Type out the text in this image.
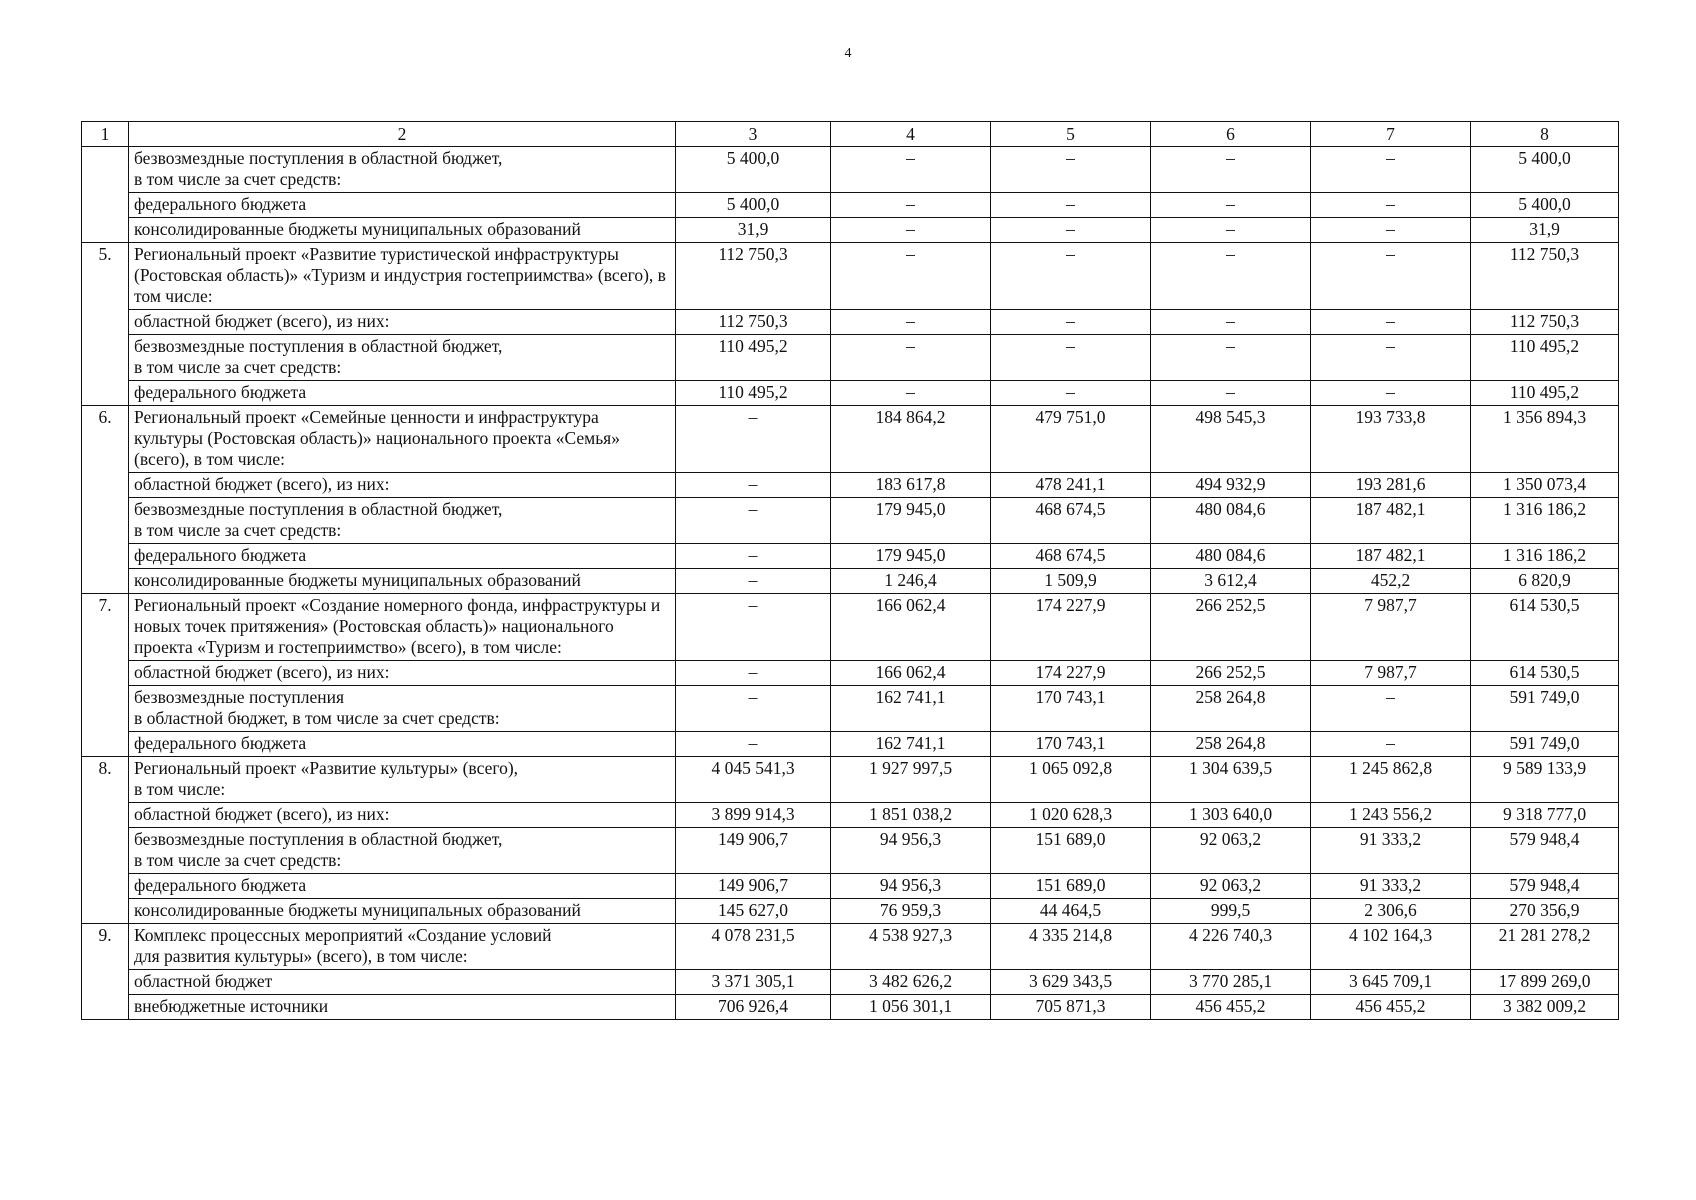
4
1	2	3	4	5	6	7	8
	безвозмездные поступления в областной бюджет,
в том числе за счет средств:	5 400,0	–	–	–	–	5 400,0
	федерального бюджета	5 400,0	–	–	–	–	5 400,0
	консолидированные бюджеты муниципальных образований	31,9	–	–	–	–	31,9
5.	Региональный проект «Развитие туристической инфраструктуры (Ростовская область)» «Туризм и индустрия гостеприимства» (всего), в том числе:	112 750,3	–	–	–	–	112 750,3
	областной бюджет (всего), из них:	112 750,3	–	–	–	–	112 750,3
	безвозмездные поступления в областной бюджет,
в том числе за счет средств:	110 495,2	–	–	–	–	110 495,2
	федерального бюджета	110 495,2	–	–	–	–	110 495,2
6.	Региональный проект «Семейные ценности и инфраструктура культуры (Ростовская область)» национального проекта «Семья» (всего), в том числе:	–	184 864,2	479 751,0	498 545,3	193 733,8	1 356 894,3
	областной бюджет (всего), из них:	–	183 617,8	478 241,1	494 932,9	193 281,6	1 350 073,4
	безвозмездные поступления в областной бюджет,
в том числе за счет средств:	–	179 945,0	468 674,5	480 084,6	187 482,1	1 316 186,2
	федерального бюджета	–	179 945,0	468 674,5	480 084,6	187 482,1	1 316 186,2
	консолидированные бюджеты муниципальных образований	–	1 246,4	1 509,9	3 612,4	452,2	6 820,9
7.	Региональный проект «Создание номерного фонда, инфраструктуры и новых точек притяжения» (Ростовская область)» национального проекта «Туризм и гостеприимство» (всего), в том числе:	–	166 062,4	174 227,9	266 252,5	7 987,7	614 530,5
	областной бюджет (всего), из них:	–	166 062,4	174 227,9	266 252,5	7 987,7	614 530,5
	безвозмездные поступления
в областной бюджет, в том числе за счет средств:	–	162 741,1	170 743,1	258 264,8	–	591 749,0
	федерального бюджета	–	162 741,1	170 743,1	258 264,8	–	591 749,0
8.	Региональный проект «Развитие культуры» (всего),
в том числе:	4 045 541,3	1 927 997,5	1 065 092,8	1 304 639,5	1 245 862,8	9 589 133,9
	областной бюджет (всего), из них:	3 899 914,3	1 851 038,2	1 020 628,3	1 303 640,0	1 243 556,2	9 318 777,0
	безвозмездные поступления в областной бюджет,
в том числе за счет средств:	149 906,7	94 956,3	151 689,0	92 063,2	91 333,2	579 948,4
	федерального бюджета	149 906,7	94 956,3	151 689,0	92 063,2	91 333,2	579 948,4
	консолидированные бюджеты муниципальных образований	145 627,0	76 959,3	44 464,5	999,5	2 306,6	270 356,9
9.	Комплекс процессных мероприятий «Создание условий
для развития культуры» (всего), в том числе:	4 078 231,5	4 538 927,3	4 335 214,8	4 226 740,3	4 102 164,3	21 281 278,2
	областной бюджет	3 371 305,1	3 482 626,2	3 629 343,5	3 770 285,1	3 645 709,1	17 899 269,0
	внебюджетные источники	706 926,4	1 056 301,1	705 871,3	456 455,2	456 455,2	3 382 009,2
